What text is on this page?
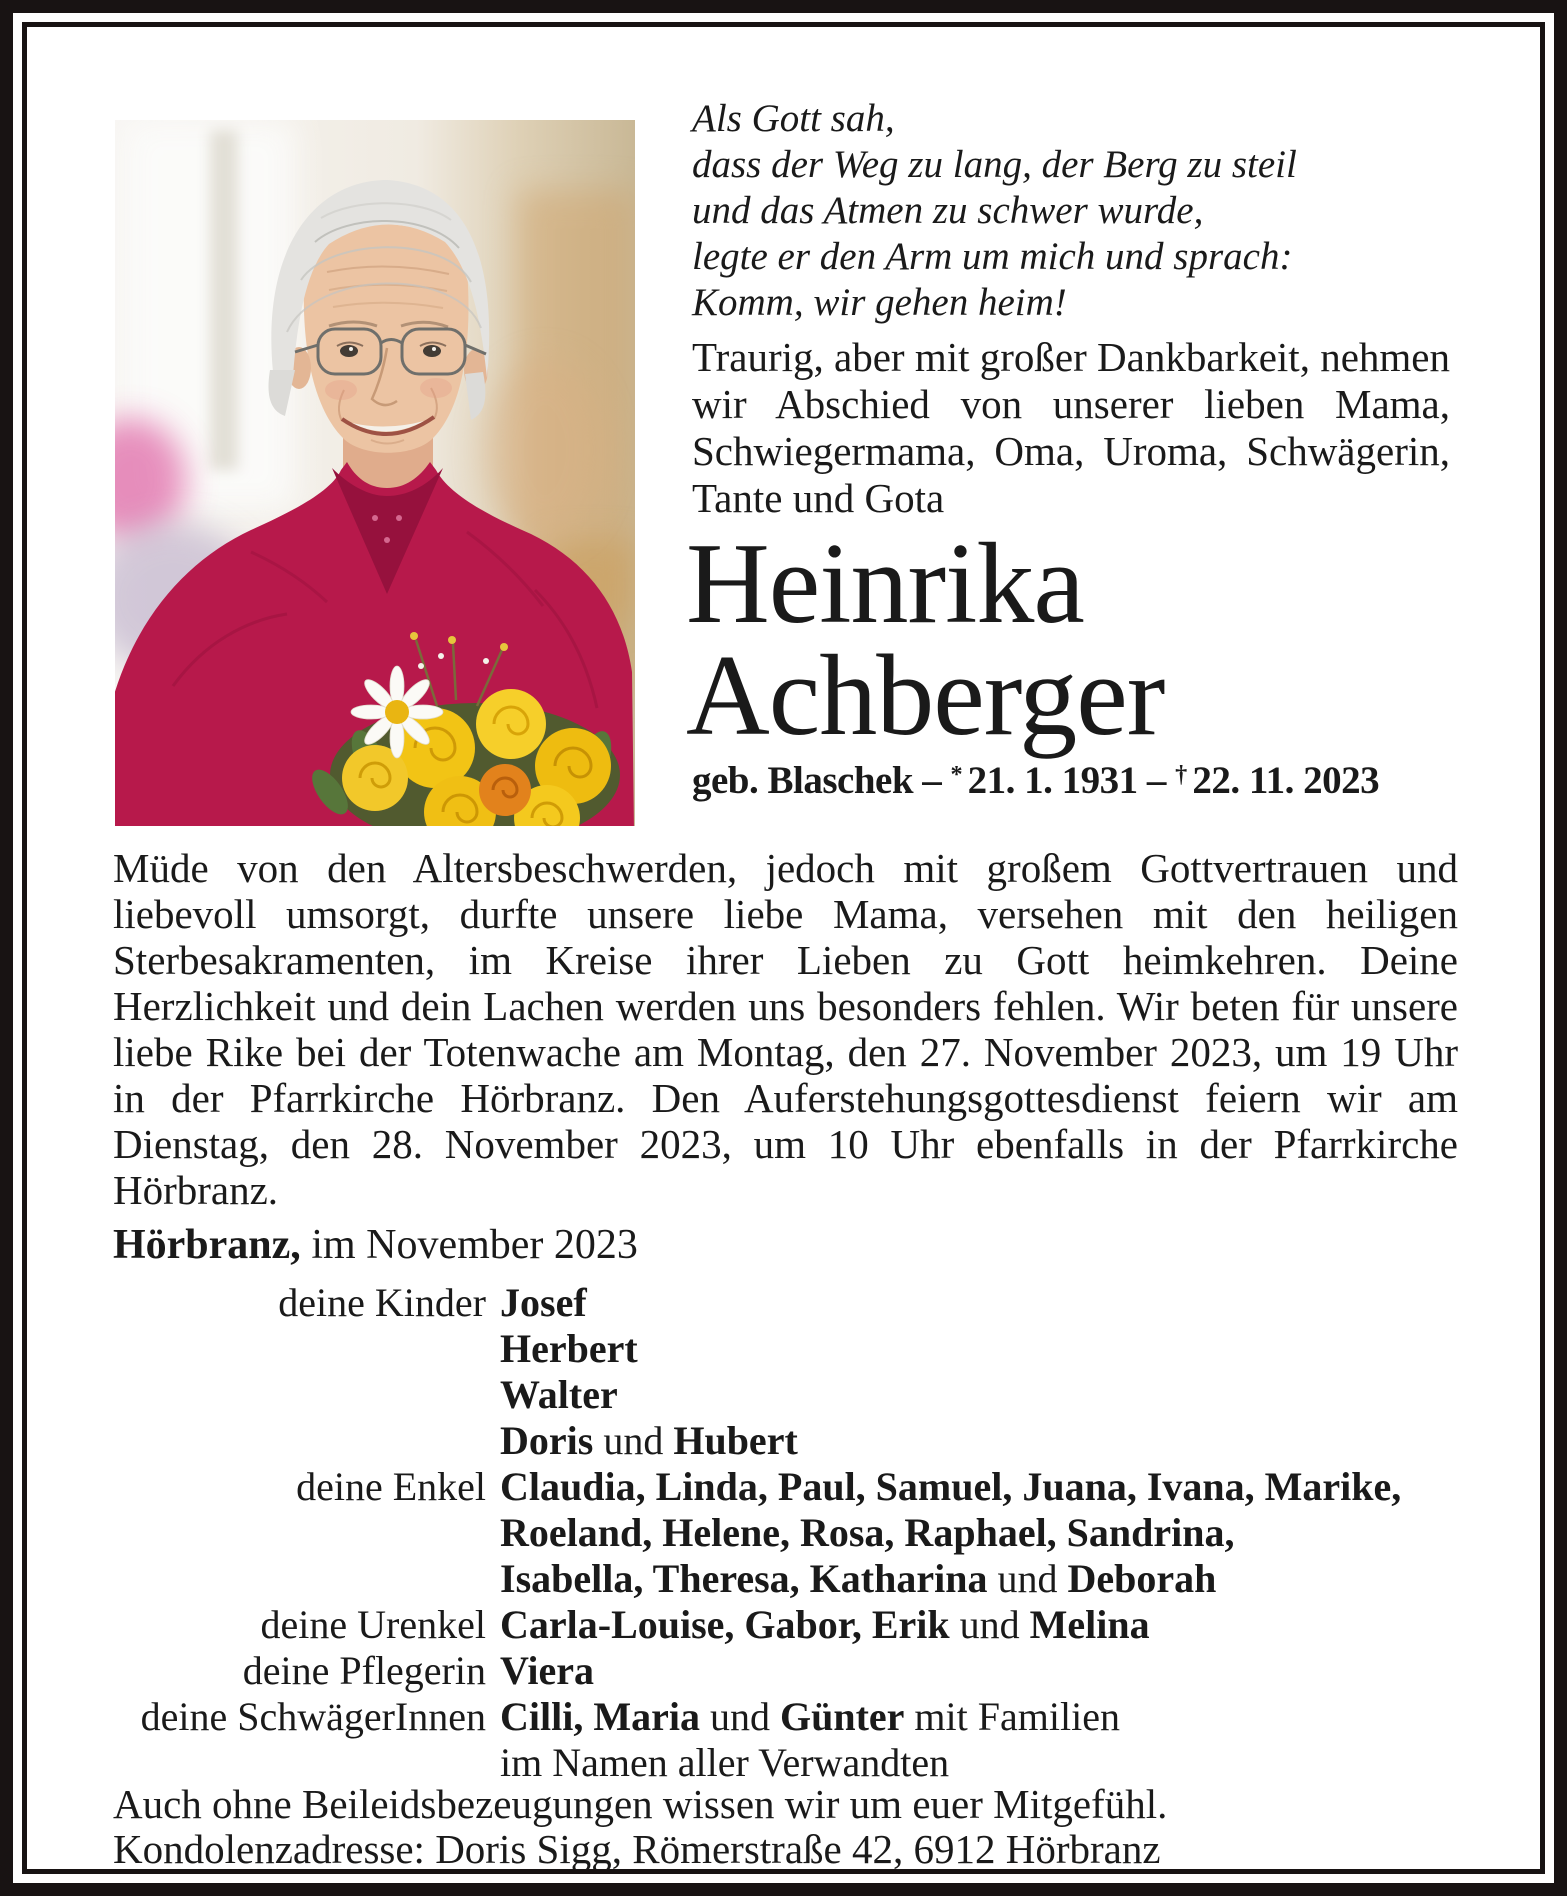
Als Gott sah,
dass der Weg zu lang, der Berg zu steil
und das Atmen zu schwer wurde,
legte er den Arm um mich und sprach:
Komm, wir gehen heim!
Traurig, aber mit großer Dankbarkeit, nehmen wir Abschied von unserer lieben Mama, Schwiegermama, Oma, Uroma, Schwägerin, Tante und Gota
Heinrika
Achberger
geb. Blaschek – * 21. 1. 1931 – † 22. 11. 2023
Müde von den Altersbeschwerden, jedoch mit großem Gottvertrauen und liebevoll umsorgt, durfte unsere liebe Mama, versehen mit den heiligen Sterbesakramenten, im Kreise ihrer Lieben zu Gott heimkehren. Deine Herzlichkeit und dein Lachen werden uns besonders fehlen. Wir beten für unsere liebe Rike bei der Totenwache am Montag, den 27. November 2023, um 19 Uhr in der Pfarrkirche Hörbranz. Den Auferstehungsgottesdienst feiern wir am Dienstag, den 28. November 2023, um 10 Uhr ebenfalls in der Pfarrkirche Hörbranz.
Hörbranz, im November 2023
deine Kinder Josef
Herbert
Walter
Doris und Hubert
deine Enkel Claudia, Linda, Paul, Samuel, Juana, Ivana, Marike,
Roeland, Helene, Rosa, Raphael, Sandrina,
Isabella, Theresa, Katharina und Deborah
deine Urenkel Carla-Louise, Gabor, Erik und Melina
deine Pflegerin Viera
deine SchwägerInnen Cilli, Maria und Günter mit Familien
im Namen aller Verwandten
Auch ohne Beileidsbezeugungen wissen wir um euer Mitgefühl.
Kondolenzadresse: Doris Sigg, Römerstraße 42, 6912 Hörbranz
